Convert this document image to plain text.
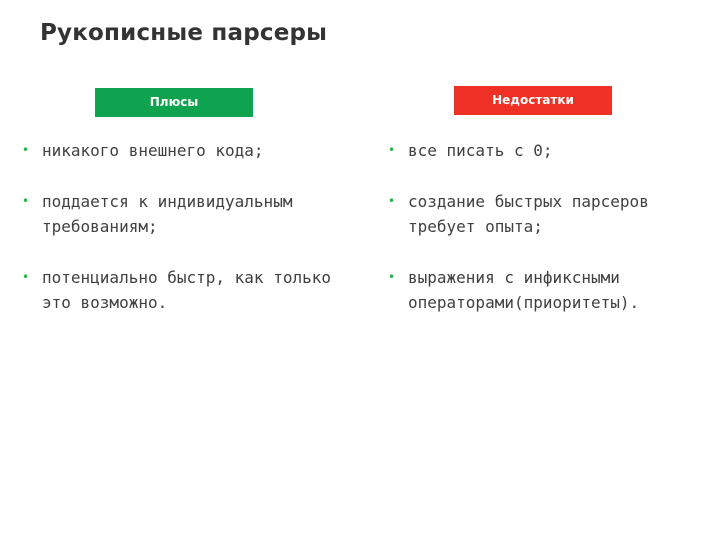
Рукописные парсеры
Плюсы	Недостатки
• никакого внешнего кода;
• поддается к индивидуальным требованиям;
• потенциально быстр, как только это возможно.
• все писать с 0;
• создание быстрых парсеров требует опыта;
• выражения с инфиксными операторами(приоритеты).
